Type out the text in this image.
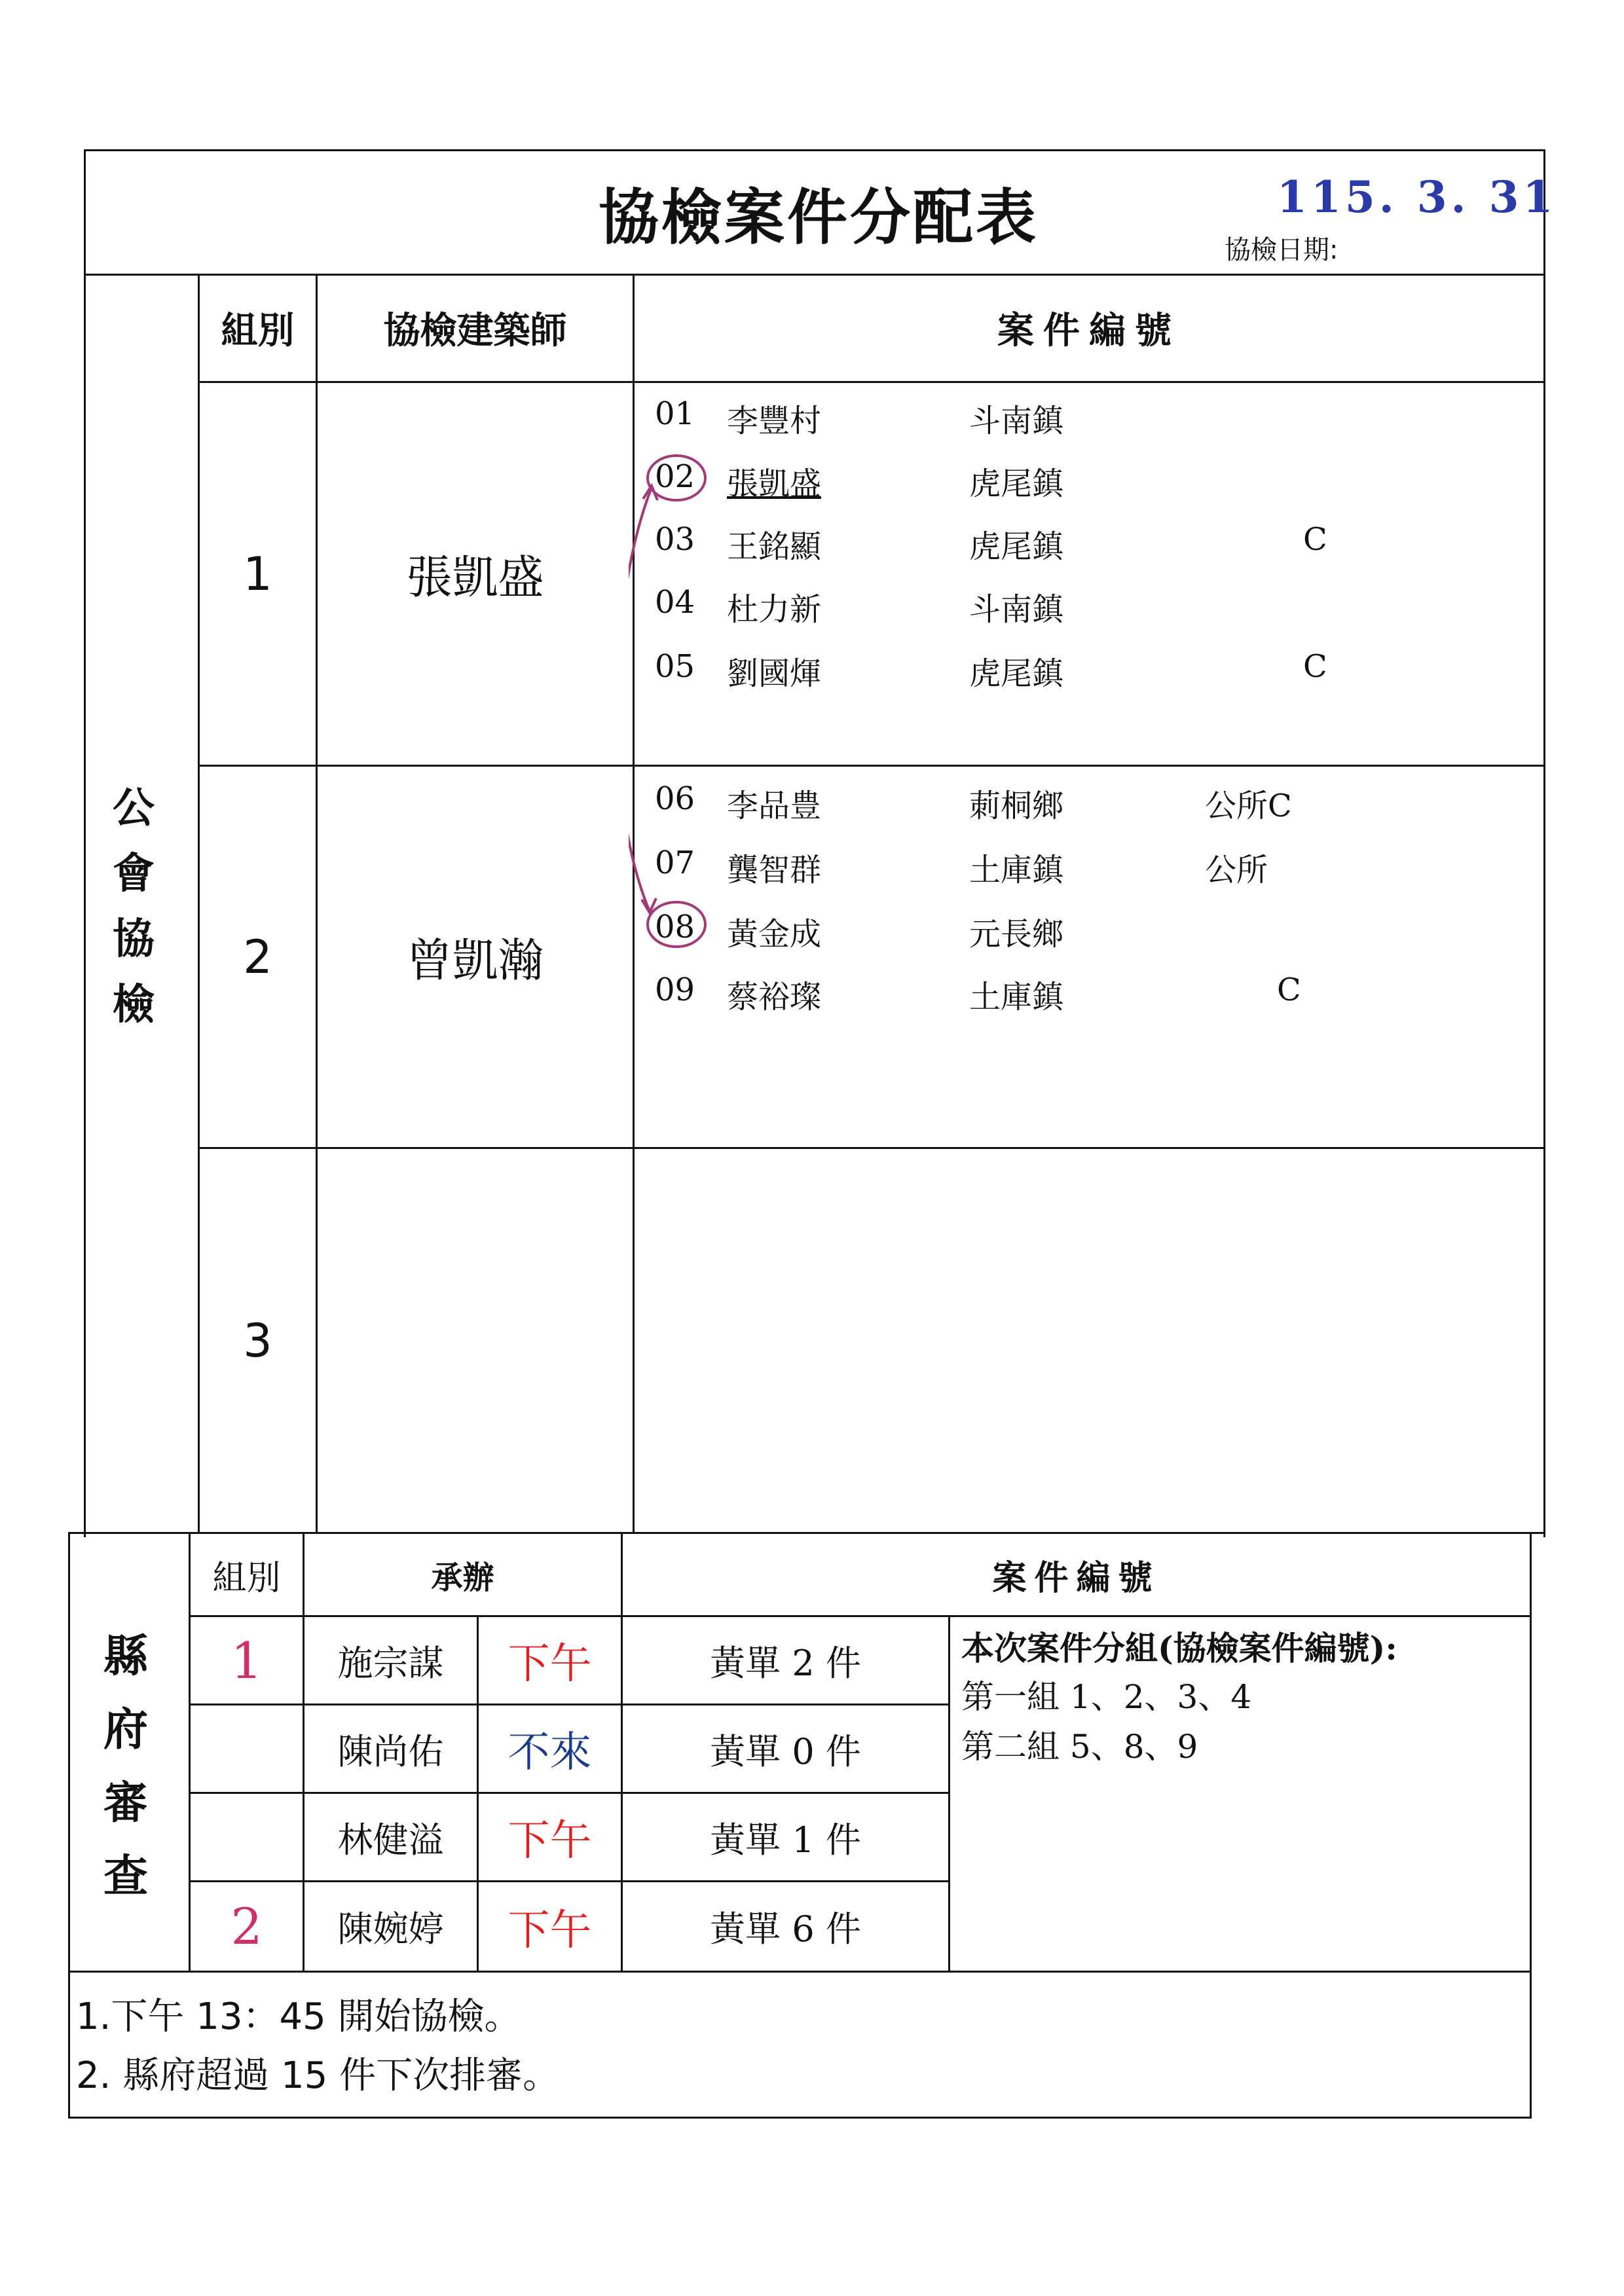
協檢案件分配表	115. 3. 31
協檢日期:
公
會
協
檢
組別	協檢建築師	案件編號
1	張凱盛
01 李豐村	斗南鎮
02 張凱盛	虎尾鎮
03 王銘顯	虎尾鎮	C
04 杜力新	斗南鎮
05 劉國煇	虎尾鎮	C
2	曾凱瀚
06 李品豊	莿桐鄉	公所C
07 龔智群	土庫鎮	公所
08 黃金成	元長鄉
09 蔡裕璨	土庫鎮	C
3
縣
府
審
查
組別	承辦	案件編號
1	施宗謀	下午	黃單 2 件
陳尚佑	不來	黃單 0 件
林健溢	下午	黃單 1 件
2	陳婉婷	下午	黃單 6 件
本次案件分組(協檢案件編號):
第一組 1、2、3、4
第二組 5、8、9
1.下午 13：45 開始協檢。
2. 縣府超過 15 件下次排審。
